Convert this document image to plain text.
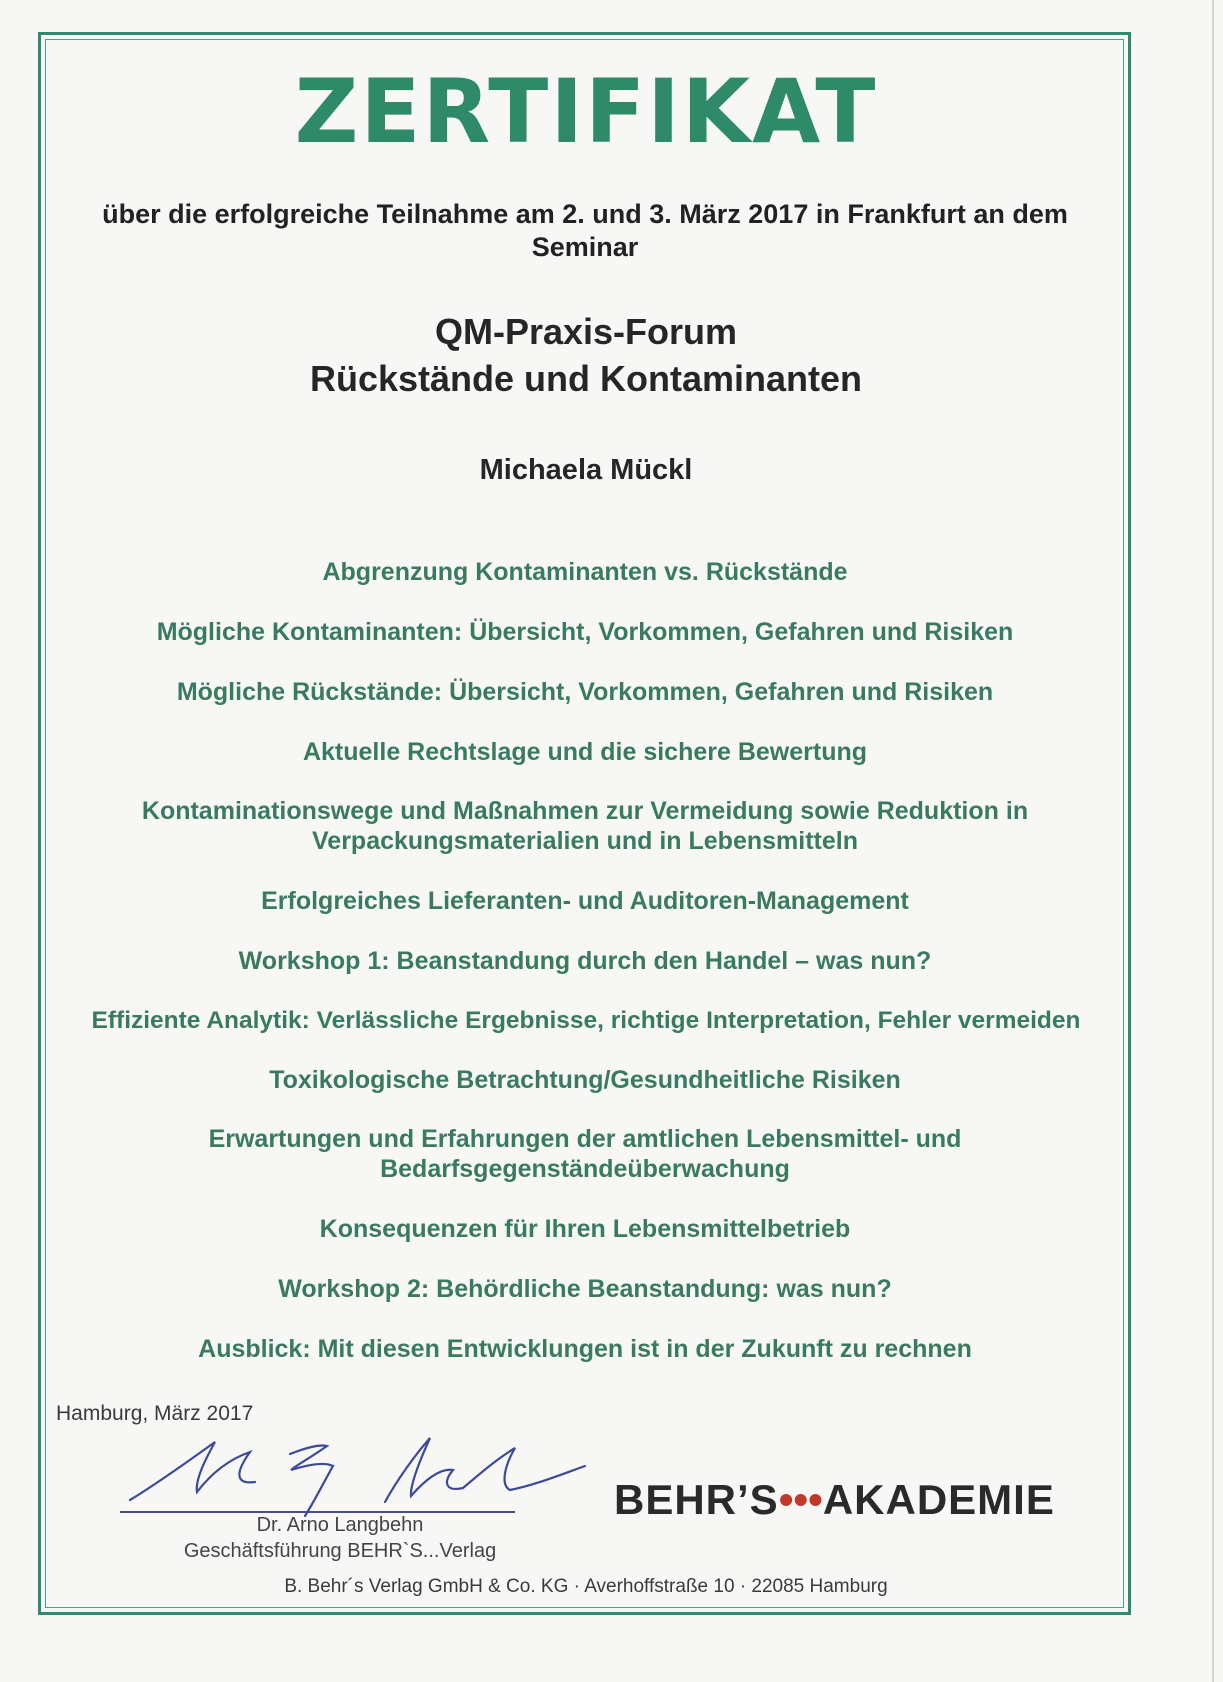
ZERTIFIKAT
über die erfolgreiche Teilnahme am 2. und 3. März 2017 in Frankfurt an dem
Seminar
QM-Praxis-Forum
Rückstände und Kontaminanten
Michaela Mückl
Abgrenzung Kontaminanten vs. Rückstände
Mögliche Kontaminanten: Übersicht, Vorkommen, Gefahren und Risiken
Mögliche Rückstände: Übersicht, Vorkommen, Gefahren und Risiken
Aktuelle Rechtslage und die sichere Bewertung
Kontaminationswege und Maßnahmen zur Vermeidung sowie Reduktion in
Verpackungsmaterialien und in Lebensmitteln
Erfolgreiches Lieferanten- und Auditoren-Management
Workshop 1: Beanstandung durch den Handel – was nun?
Effiziente Analytik: Verlässliche Ergebnisse, richtige Interpretation, Fehler vermeiden
Toxikologische Betrachtung/Gesundheitliche Risiken
Erwartungen und Erfahrungen der amtlichen Lebensmittel- und
Bedarfsgegenständeüberwachung
Konsequenzen für Ihren Lebensmittelbetrieb
Workshop 2: Behördliche Beanstandung: was nun?
Ausblick: Mit diesen Entwicklungen ist in der Zukunft zu rechnen
Hamburg, März 2017
Dr. Arno Langbehn
Geschäftsführung BEHR`S...Verlag
BEHR’S•••AKADEMIE
B. Behr´s Verlag GmbH & Co. KG · Averhoffstraße 10 · 22085 Hamburg
